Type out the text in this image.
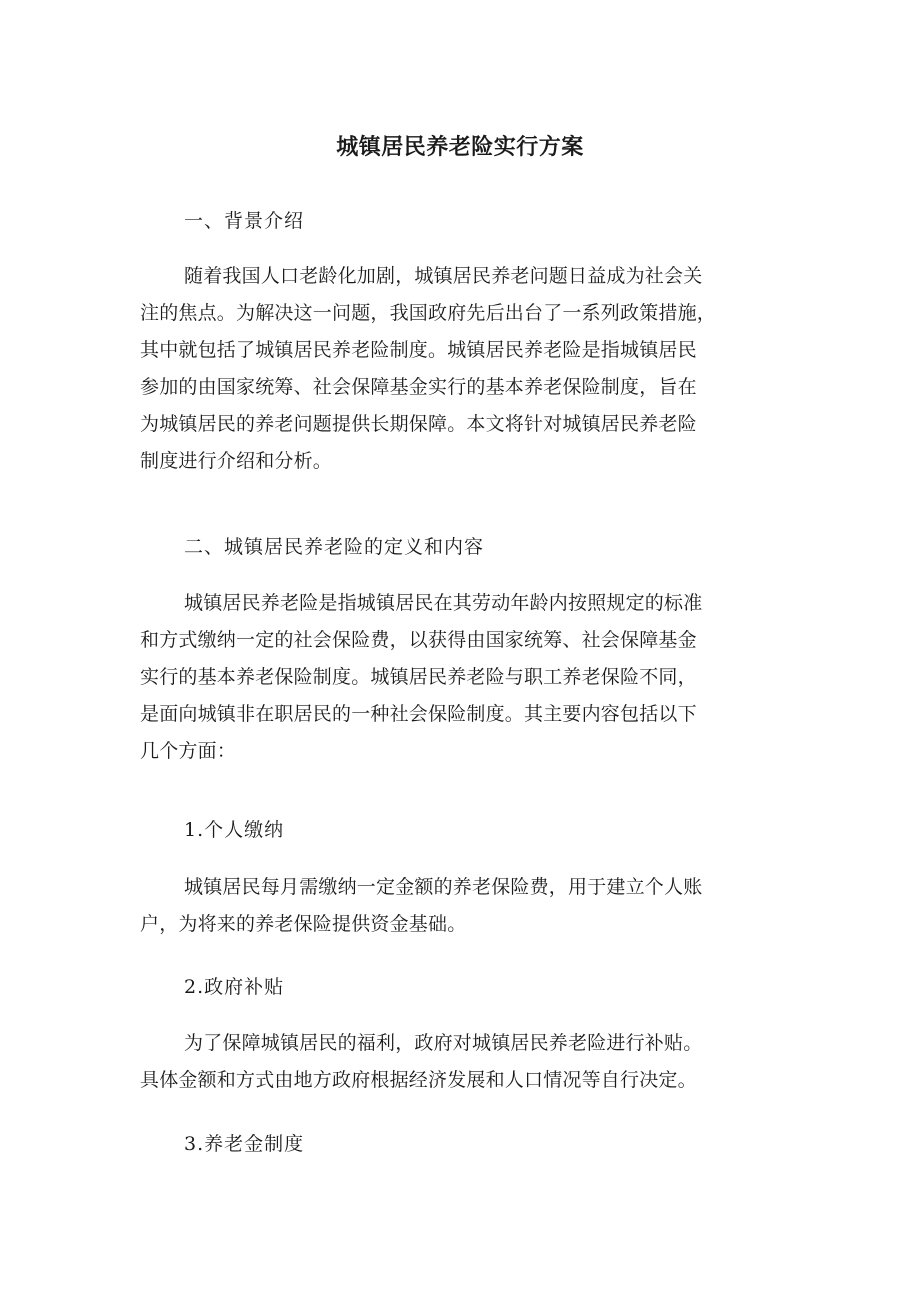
城镇居民养老险实行方案
一、背景介绍
随着我国人口老龄化加剧，城镇居民养老问题日益成为社会关
注的焦点。为解决这一问题，我国政府先后出台了一系列政策措施，
其中就包括了城镇居民养老险制度。城镇居民养老险是指城镇居民
参加的由国家统筹、社会保障基金实行的基本养老保险制度，旨在
为城镇居民的养老问题提供长期保障。本文将针对城镇居民养老险
制度进行介绍和分析。
二、城镇居民养老险的定义和内容
城镇居民养老险是指城镇居民在其劳动年龄内按照规定的标准
和方式缴纳一定的社会保险费，以获得由国家统筹、社会保障基金
实行的基本养老保险制度。城镇居民养老险与职工养老保险不同，
是面向城镇非在职居民的一种社会保险制度。其主要内容包括以下
几个方面：
1.个人缴纳
城镇居民每月需缴纳一定金额的养老保险费，用于建立个人账
户，为将来的养老保险提供资金基础。
2.政府补贴
为了保障城镇居民的福利，政府对城镇居民养老险进行补贴。
具体金额和方式由地方政府根据经济发展和人口情况等自行决定。
3.养老金制度
